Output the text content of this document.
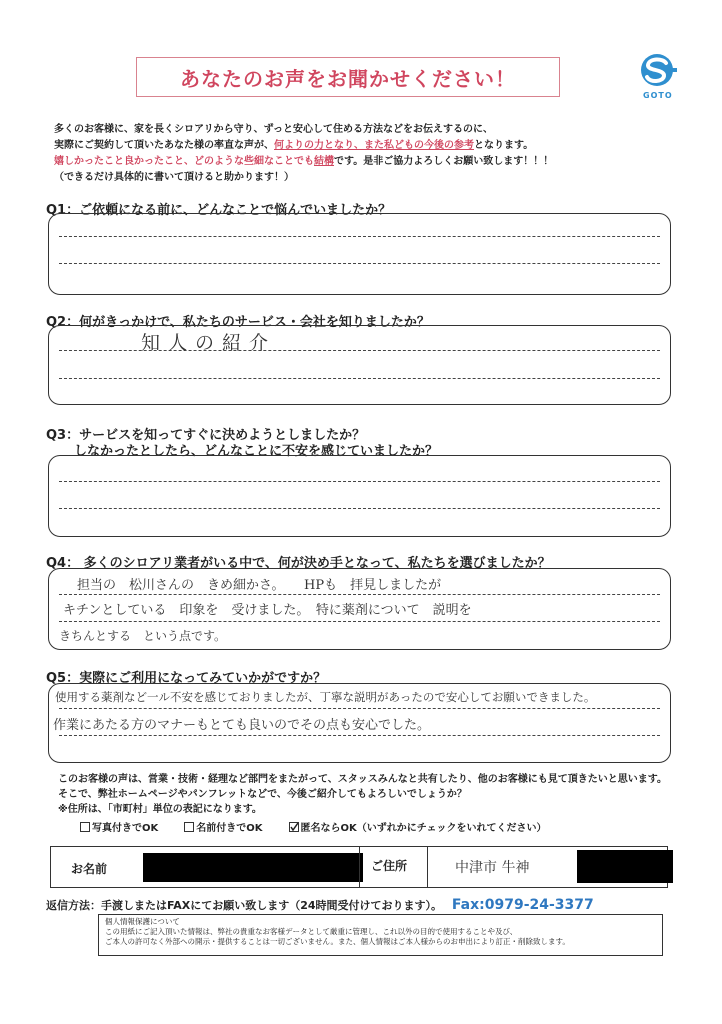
あなたのお声をお聞かせください！
GOTO
多くのお客様に、家を長くシロアリから守り、ずっと安心して住める方法などをお伝えするのに、
実際にご契約して頂いたあなた様の率直な声が、何よりの力となり、また私どもの今後の参考となります。
嬉しかったこと良かったこと、どのような些細なことでも結構です。是非ご協力よろしくお願い致します！！！
（できるだけ具体的に書いて頂けると助かります！）
Q1：ご依頼になる前に、どんなことで悩んでいましたか？
Q2：何がきっかけで、私たちのサービス・会社を知りましたか？
知人の紹介
Q3：サービスを知ってすぐに決めようとしましたか？
しなかったとしたら、どんなことに不安を感じていましたか？
Q4： 多くのシロアリ業者がいる中で、何が決め手となって、私たちを選びましたか？
担当の　松川さんの　きめ細かさ。　　HPも　拝見しましたが
キチンとしている　印象を　受けました。　特に薬剤について　説明を
きちんとする　という点です。
Q5：実際にご利用になってみていかがですか？
使用する薬剤など一ル不安を感じておりましたが、丁寧な説明があったので安心してお願いできました。
作業にあたる方のマナーもとても良いのでその点も安心でした。
このお客様の声は、営業・技術・経理など部門をまたがって、スタッスみんなと共有したり、他のお客様にも見て頂きたいと思います。
そこで、弊社ホームページやパンフレットなどで、今後ご紹介してもよろしいでしょうか？
※住所は、「市町村」単位の表記になります。
写真付きでOK	名前付きでOK	匿名ならOK（いずれかにチェックをいれてください）
お名前	ご住所	中津市 牛神
返信方法：手渡しまたはFAXにてお願い致します（24時間受付けております）。 Fax:0979-24-3377
個人情報保護について
この用紙にご記入頂いた情報は、弊社の貴重なお客様データとして厳重に管理し、これ以外の目的で使用することや及び、
ご本人の許可なく外部への開示・提供することは一切ございません。また、個人情報はご本人様からのお申出により訂正・削除致します。
